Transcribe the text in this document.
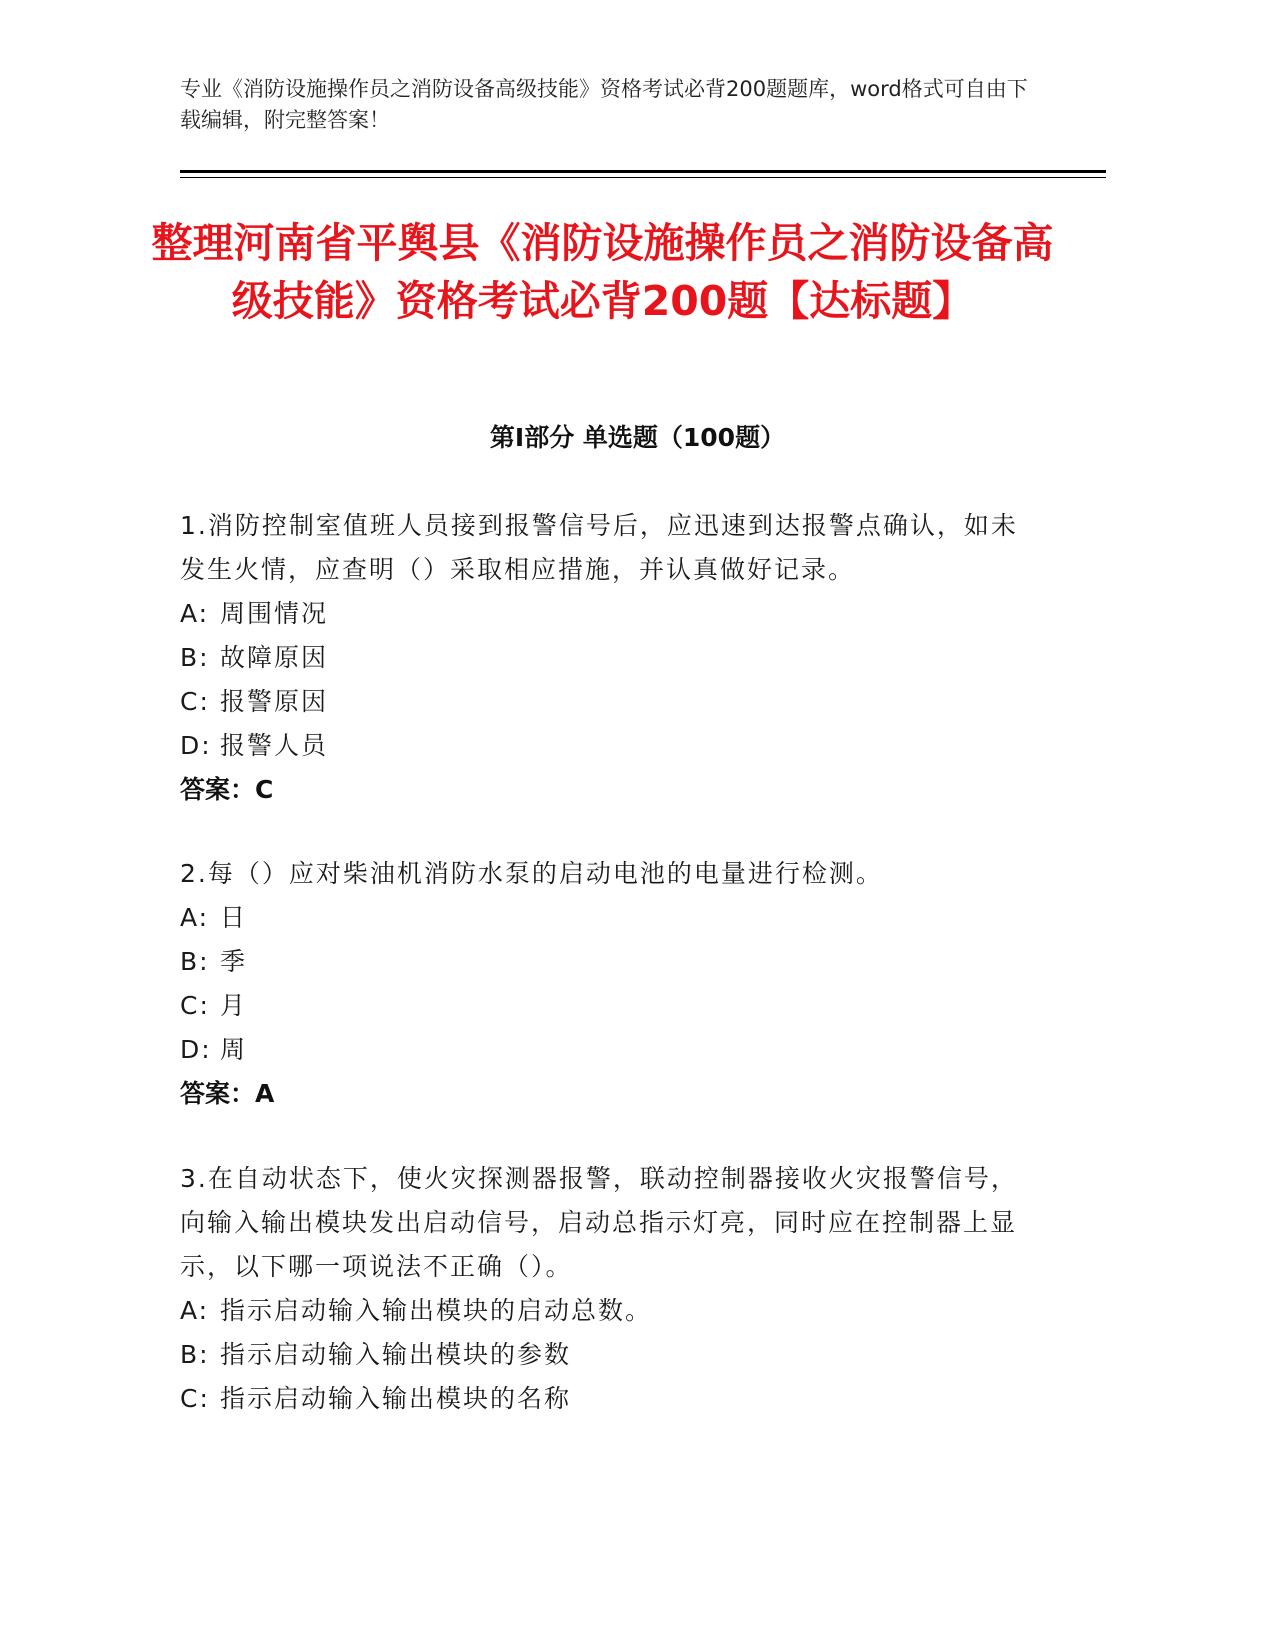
专业《消防设施操作员之消防设备高级技能》资格考试必背200题题库，word格式可自由下载编辑，附完整答案！
整理河南省平舆县《消防设施操作员之消防设备高级技能》资格考试必背200题【达标题】
第Ⅰ部分 单选题（100题）

1.消防控制室值班人员接到报警信号后，应迅速到达报警点确认，如未发生火情，应查明（）采取相应措施，并认真做好记录。

A: 周围情况
B: 故障原因
C: 报警原因
D: 报警人员
答案：C

2.每（）应对柴油机消防水泵的启动电池的电量进行检测。

A: 日
B: 季
C: 月
D: 周
答案：A

3.在自动状态下，使火灾探测器报警，联动控制器接收火灾报警信号，向输入输出模块发出启动信号，启动总指示灯亮，同时应在控制器上显示，以下哪一项说法不正确（）。

A: 指示启动输入输出模块的启动总数。
B: 指示启动输入输出模块的参数
C: 指示启动输入输出模块的名称
